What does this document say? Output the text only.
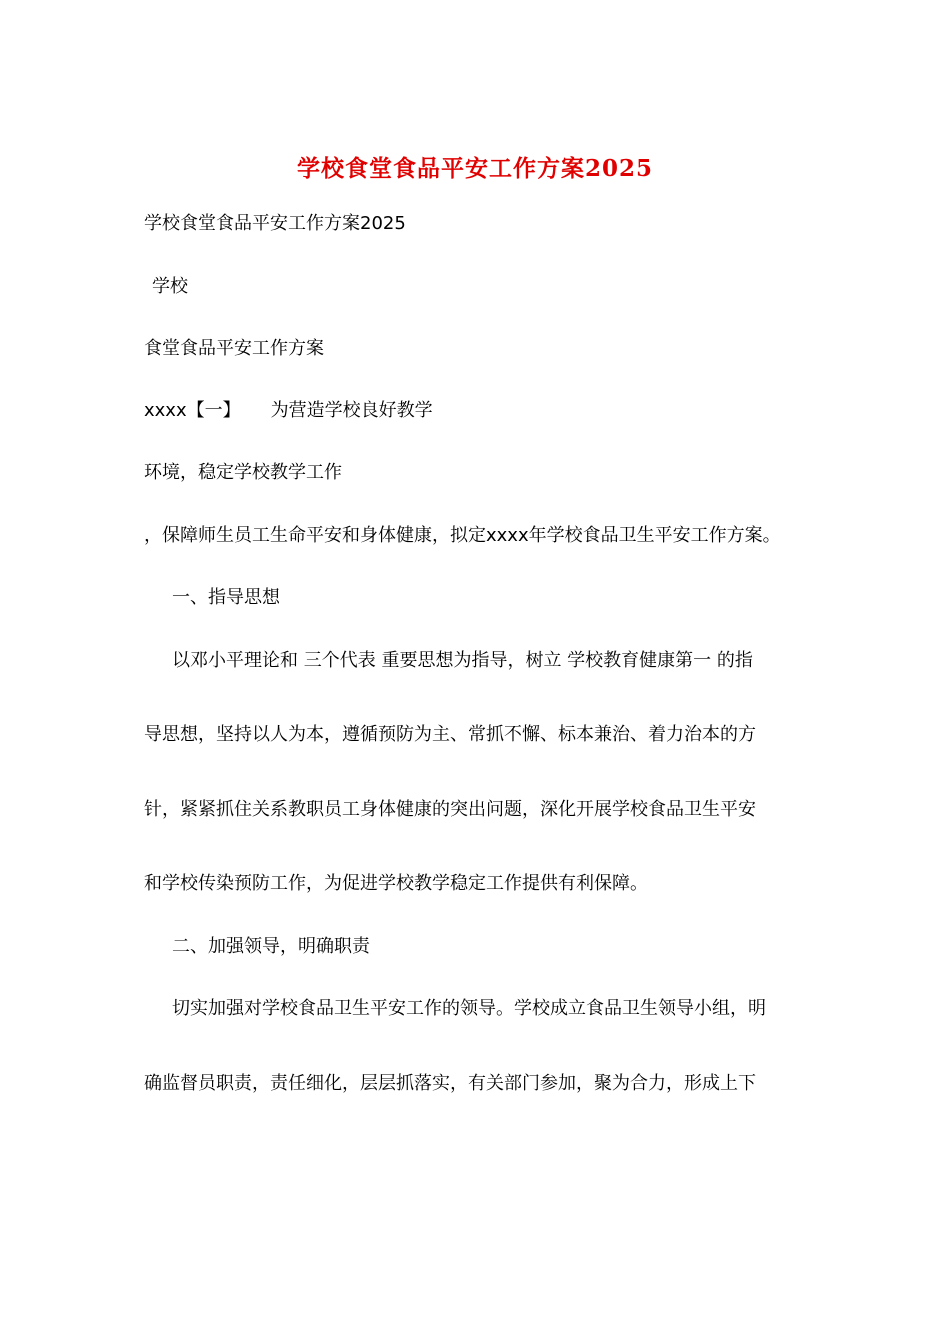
学校食堂食品平安工作方案2025
学校食堂食品平安工作方案2025
学校
食堂食品平安工作方案
xxxx【一】 为营造学校良好教学
环境，稳定学校教学工作
，保障师生员工生命平安和身体健康，拟定xxxx年学校食品卫生平安工作方案。
一、指导思想
以邓小平理论和 三个代表 重要思想为指导，树立 学校教育健康第一 的指
导思想，坚持以人为本，遵循预防为主、常抓不懈、标本兼治、着力治本的方
针，紧紧抓住关系教职员工身体健康的突出问题，深化开展学校食品卫生平安
和学校传染预防工作，为促进学校教学稳定工作提供有利保障。
二、加强领导，明确职责
切实加强对学校食品卫生平安工作的领导。学校成立食品卫生领导小组，明
确监督员职责，责任细化，层层抓落实，有关部门参加，聚为合力，形成上下
